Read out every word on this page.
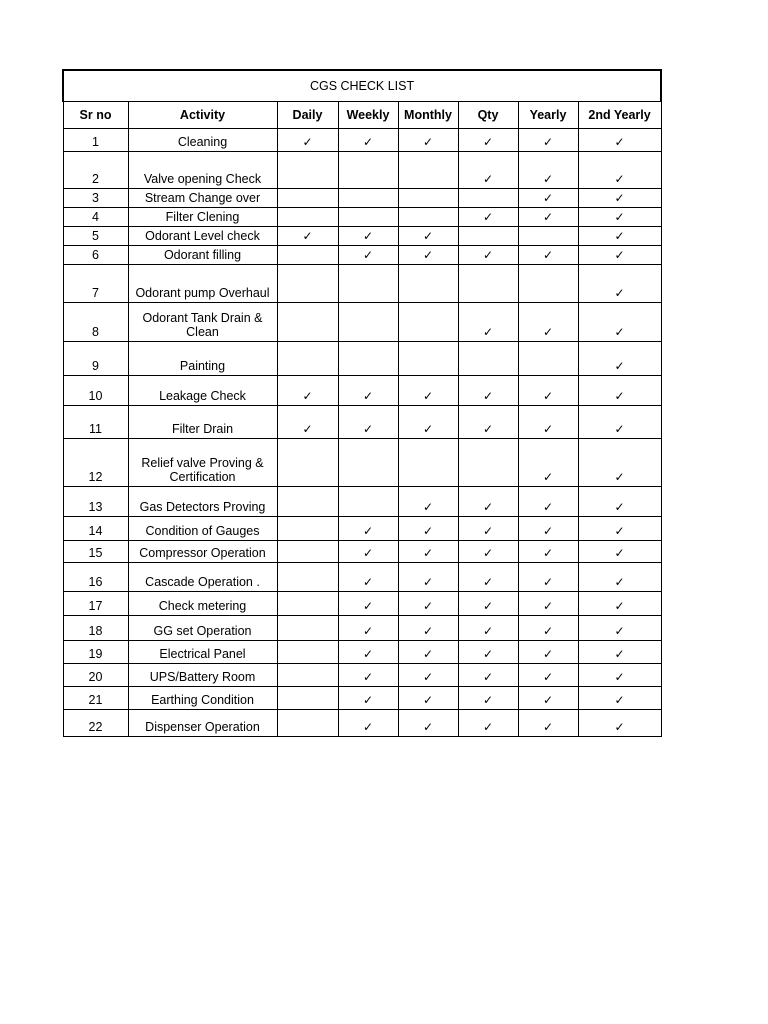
CGS CHECK LIST							
Sr no	Activity	Daily	Weekly	Monthly	Qty	Yearly	2nd Yearly
1	Cleaning	✓	✓	✓	✓	✓	✓
2	Valve opening Check				✓	✓	✓
3	Stream Change over					✓	✓
4	Filter Clening				✓	✓	✓
5	Odorant Level check	✓	✓	✓			✓
6	Odorant filling		✓	✓	✓	✓	✓
7	Odorant pump Overhaul						✓
8	Odorant Tank Drain & Clean				✓	✓	✓
9	Painting						✓
10	Leakage Check	✓	✓	✓	✓	✓	✓
11	Filter Drain	✓	✓	✓	✓	✓	✓
12	Relief valve Proving & Certification					✓	✓
13	Gas Detectors Proving			✓	✓	✓	✓
14	Condition of Gauges		✓	✓	✓	✓	✓
15	Compressor Operation		✓	✓	✓	✓	✓
16	Cascade Operation .		✓	✓	✓	✓	✓
17	Check metering		✓	✓	✓	✓	✓
18	GG set Operation		✓	✓	✓	✓	✓
19	Electrical Panel		✓	✓	✓	✓	✓
20	UPS/Battery Room		✓	✓	✓	✓	✓
21	Earthing Condition		✓	✓	✓	✓	✓
22	Dispenser Operation		✓	✓	✓	✓	✓
